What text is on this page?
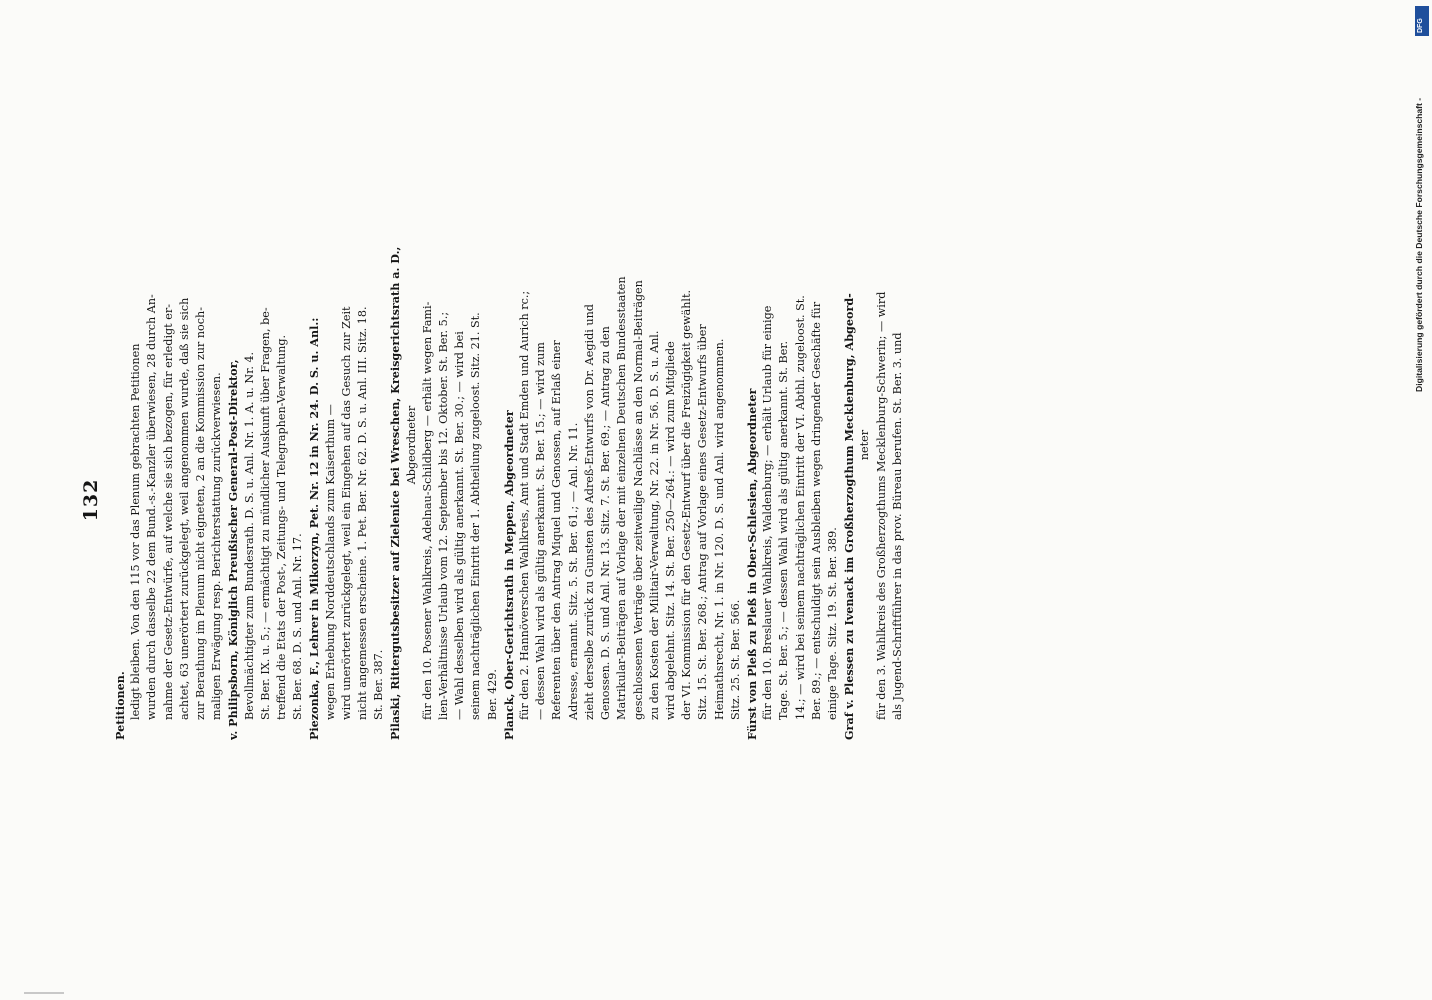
132
Petitionen. ledigt bleiben. Von den 115 vor das Plenum gebrachten Petitionen wurden durch dasselbe 22 dem Bund.-s.-Kanzler überwiesen, 28 durch An- nahme der Gesetz-Entwürfe, auf welche sie sich bezogen, für erledigt er- achtet, 63 unerörtert zurückgelegt, weil angenommen wurde, daß sie sich zur Berathung im Plenum nicht eigneten, 2 an die Kommission zur noch- maligen Erwägung resp. Berichterstattung zurückverwiesen. v. Philipsborn, Königlich Preußischer General-Post-Direktor, Bevollmächtigter zum Bundesrath. D. S. u. Anl. Nr. 1. A. u. Nr. 4. St. Ber. IX. u. 5.; — ermächtigt zu mündlicher Auskunft über Fragen, be- treffend die Etats der Post-, Zeitungs- und Telegraphen-Verwaltung. St. Ber. 68. D. S. und Anl. Nr. 17. Piezonka, F., Lehrer in Mikorzyn, Pet. Nr. 12 in Nr. 24. D. S. u. Anl.: wegen Erhebung Norddeutschlands zum Kaiserthum — wird unerörtert zurückgelegt, weil ein Eingehen auf das Gesuch zur Zeit nicht angemessen erscheine. 1. Pet. Ber. Nr. 62. D. S. u. Anl. III. Sitz. 18. St. Ber. 387. Pilaski, Rittergutsbesitzer auf Zielenice bei Wreschen, Kreisgerichtsrath a. D., Abgeordneter für den 10. Posener Wahlkreis, Adelnau-Schildberg — erhält wegen Fami- lien-Verhältnisse Urlaub vom 12. September bis 12. Oktober. St. Ber. 5.; — Wahl desselben wird als gültig anerkannt. St. Ber. 30.; — wird bei seinem nachträglichen Eintritt der 1. Abtheilung zugeloost. Sitz. 21. St. Ber. 429. Planck, Ober-Gerichtsrath in Meppen, Abgeordneter für den 2. Hannöverschen Wahlkreis, Amt und Stadt Emden und Aurich rc.; — dessen Wahl wird als gültig anerkannt. St. Ber. 15.; — wird zum Referenten über den Antrag Miquel und Genossen, auf Erlaß einer Adresse, ernannt. Sitz. 5. St. Ber. 61.; — Anl. Nr. 11. zieht derselbe zurück zu Gunsten des Adreß-Entwurfs von Dr. Aegidi und Genossen. D. S. und Anl. Nr. 13. Sitz. 7. St. Ber. 69.; — Antrag zu den Matrikular-Beiträgen auf Vorlage der mit einzelnen Deutschen Bundesstaaten geschlossenen Verträge über zeitweilige Nachlässe an den Normal-Beiträgen zu den Kosten der Militair-Verwaltung, Nr. 22. in Nr. 56. D. S. u. Anl. wird abgelehnt. Sitz. 14. St. Ber. 250—264.: — wird zum Mitgliede der VI. Kommission für den Gesetz-Entwurf über die Freizügigkeit gewählt. Sitz. 15. St. Ber. 268.; Antrag auf Vorlage eines Gesetz-Entwurfs über Heimathsrecht, Nr. 1. in Nr. 120. D. S. und Anl. wird angenommen. Sitz. 25. St. Ber. 566. Fürst von Pleß zu Pleß in Ober-Schlesien, Abgeordneter für den 10. Breslauer Wahlkreis, Waldenburg; — erhält Urlaub für einige Tage. St. Ber. 5.; — dessen Wahl wird als gültig anerkannt. St. Ber. 14.; — wird bei seinem nachträglichen Eintritt der VI. Abthl. zugeloost. St. Ber. 89.; — entschuldigt sein Ausbleiben wegen dringender Geschäfte für einige Tage. Sitz. 19. St. Ber. 389. Graf v. Plessen zu Ivenack im Großherzogthum Mecklenburg, Abgeord- neter für den 3. Wahlkreis des Großherzogthums Mecklenburg-Schwerin; — wird als Jugend-Schriftführer in das prov. Büreau berufen. St. Ber. 3. und
DFG
Digitalisierung gefördert durch die Deutsche Forschungsgemeinschaft -
